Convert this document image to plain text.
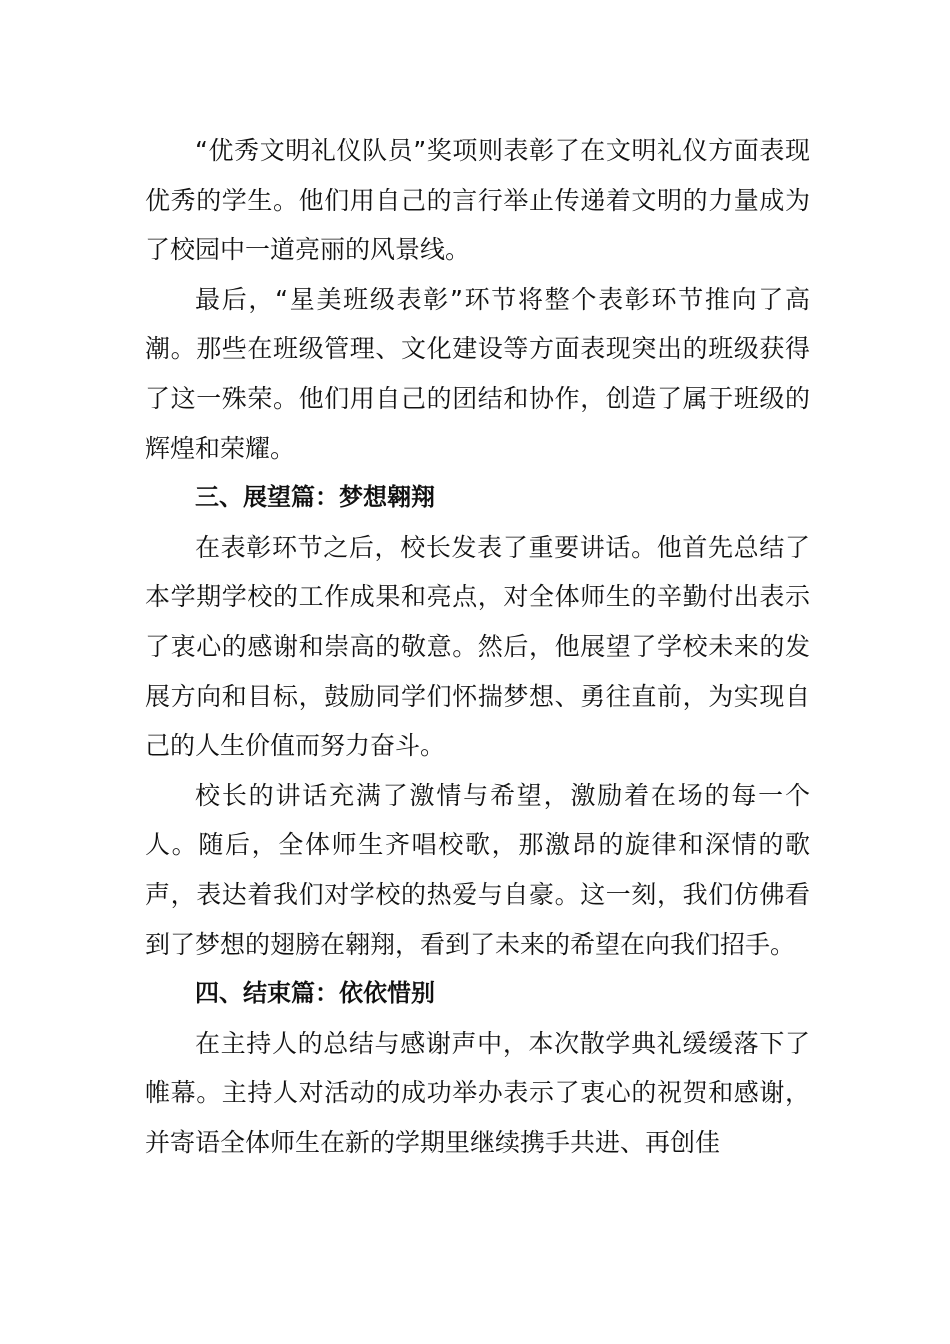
“优秀文明礼仪队员”奖项则表彰了在文明礼仪方面表现优秀的学生。他们用自己的言行举止传递着文明的力量成为了校园中一道亮丽的风景线。

最后，“星美班级表彰”环节将整个表彰环节推向了高潮。那些在班级管理、文化建设等方面表现突出的班级获得了这一殊荣。他们用自己的团结和协作，创造了属于班级的辉煌和荣耀。

三、展望篇：梦想翱翔

在表彰环节之后，校长发表了重要讲话。他首先总结了本学期学校的工作成果和亮点，对全体师生的辛勤付出表示了衷心的感谢和崇高的敬意。然后，他展望了学校未来的发展方向和目标，鼓励同学们怀揣梦想、勇往直前，为实现自己的人生价值而努力奋斗。

校长的讲话充满了激情与希望，激励着在场的每一个人。随后，全体师生齐唱校歌，那激昂的旋律和深情的歌声，表达着我们对学校的热爱与自豪。这一刻，我们仿佛看到了梦想的翅膀在翱翔，看到了未来的希望在向我们招手。

四、结束篇：依依惜别

在主持人的总结与感谢声中，本次散学典礼缓缓落下了帷幕。主持人对活动的成功举办表示了衷心的祝贺和感谢，并寄语全体师生在新的学期里继续携手共进、再创佳
